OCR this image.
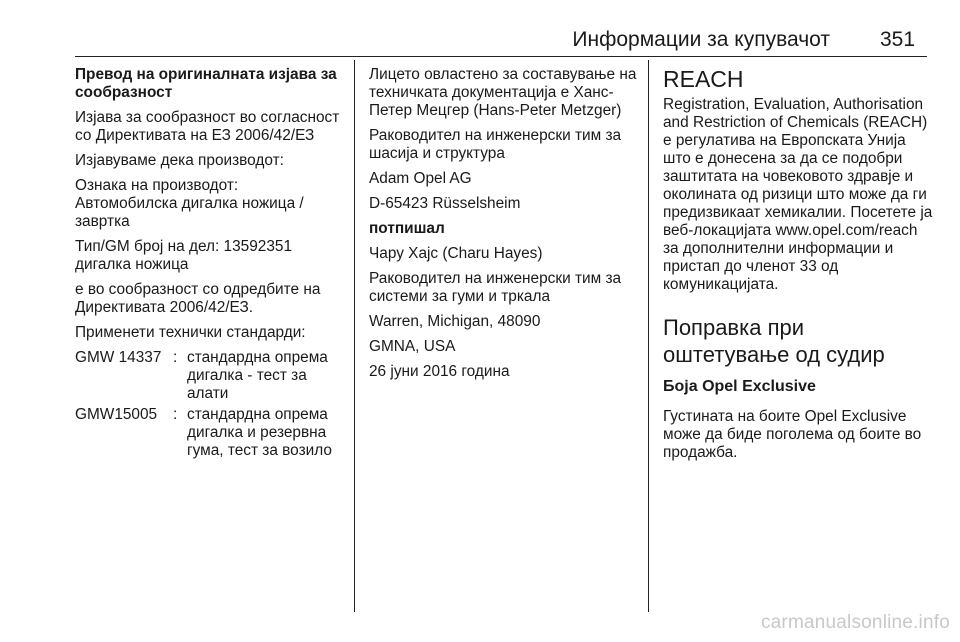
Информации за купувачот 351

Превод на оригиналната изјава за сообразност

Изјава за сообразност во согласност со Директивата на ЕЗ 2006/42/ЕЗ

Изјавуваме дека производот:

Ознака на производот: Автомобилска дигалка ножица / завртка

Тип/GM број на дел: 13592351 дигалка ножица

е во сообразност со одредбите на Директивата 2006/42/ЕЗ.

Применети технички стандарди:

GMW 14337 : стандардна опрема дигалка - тест за алати
GMW15005	: стандардна опрема дигалка и резервна гума, тест за возило

Лицето овластено за составување на техничката документација е Ханс-Петер Мецгер (Hans-Peter Metzger)

Раководител на инженерски тим за шасија и структура

Adam Opel AG

D-65423 Rüsselsheim

потпишал

Чару Хајс (Charu Hayes)

Раководител на инженерски тим за системи за гуми и тркала

Warren, Michigan, 48090

GMNA, USA

26 јуни 2016 година

REACH

Registration, Evaluation, Authorisation and Restriction of Chemicals (REACH) е регулатива на Европската Унија што е донесена за да се подобри заштитата на човековото здравје и околината од ризици што може да ги предизвикаат хемикалии. Посетете ја веб-локацијата www.opel.com/reach за дополнителни информации и пристап до членот 33 од комуникацијата.

Поправка при оштетување од судир
Боја Opel Exclusive

Густината на боите Opel Exclusive може да биде поголема од боите во продажба.

carmanualsonline.info
